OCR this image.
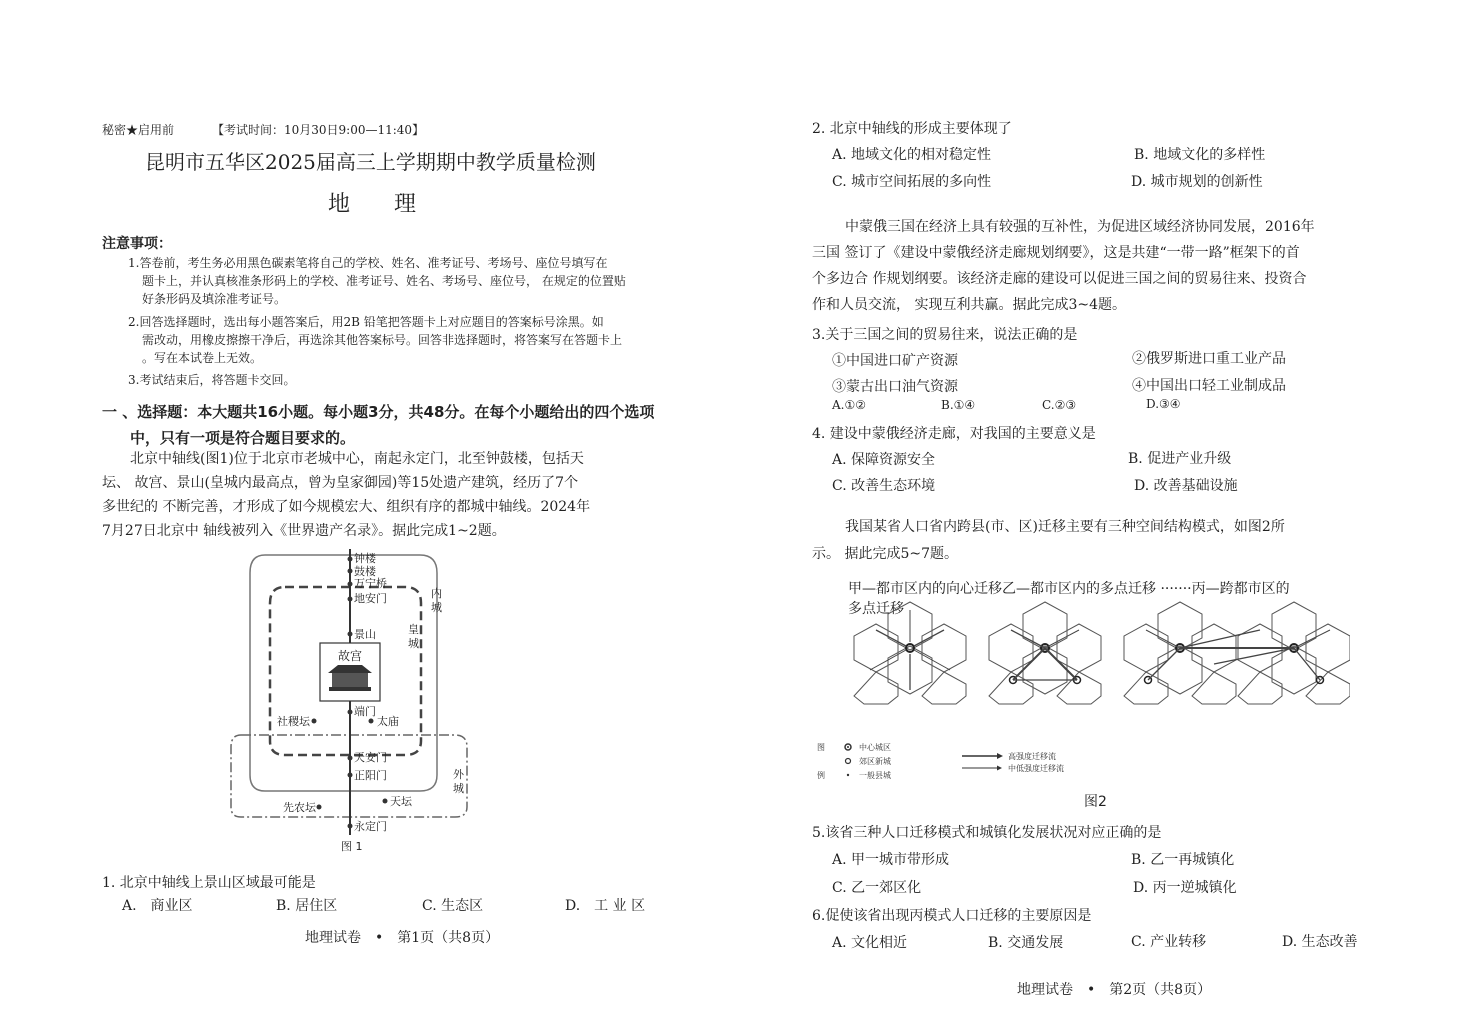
秘密★启用前	【考试时间：10月30日9:00—11:40】
昆明市五华区2025届高三上学期期中教学质量检测
地　　理
注意事项：
1.答卷前，考生务必用黑色碳素笔将自己的学校、姓名、准考证号、考场号、座位号填写在
题卡上，并认真核准条形码上的学校、准考证号、姓名、考场号、座位号， 在规定的位置贴
好条形码及填涂准考证号。
2.回答选择题时，选出每小题答案后，用2B 铅笔把答题卡上对应题目的答案标号涂黑。如
需改动，用橡皮擦擦干净后，再选涂其他答案标号。回答非选择题时，将答案写在答题卡上
。写在本试卷上无效。
3.考试结束后，将答题卡交回。
一 、选择题：本大题共16小题。每小题3分，共48分。在每个小题给出的四个选项
中，只有一项是符合题目要求的。
北京中轴线(图1)位于北京市老城中心，南起永定门，北至钟鼓楼，包括天
坛、 故宫、景山(皇城内最高点，曾为皇家御园)等15处遗产建筑，经历了7个
多世纪的 不断完善，才形成了如今规模宏大、组织有序的都城中轴线。2024年
7月27日北京中 轴线被列入《世界遗产名录》。据此完成1~2题。
钟楼
鼓楼
万宁桥
地安门
景山
故宫
端门
社稷坛	太庙
天安门
正阳门
先农坛	天坛
永定门
内
城
皇
城
外
城
图 1
1. 北京中轴线上景山区域最可能是
A.　商业区	B. 居住区	C. 生态区	D.　工 业 区
地理试卷　•　第1页（共8页）
2. 北京中轴线的形成主要体现了
A. 地域文化的相对稳定性	B. 地域文化的多样性
C. 城市空间拓展的多向性	D. 城市规划的创新性
中蒙俄三国在经济上具有较强的互补性，为促进区域经济协同发展，2016年
三国 签订了《建设中蒙俄经济走廊规划纲要》，这是共建“一带一路”框架下的首
个多边合 作规划纲要。该经济走廊的建设可以促进三国之间的贸易往来、投资合
作和人员交流， 实现互利共赢。据此完成3~4题。
3.关于三国之间的贸易往来，说法正确的是
①中国进口矿产资源	②俄罗斯进口重工业产品
③蒙古出口油气资源	④中国出口轻工业制成品
A.①②	B.①④	C.②③	D.③④
4. 建设中蒙俄经济走廊，对我国的主要意义是
A. 保障资源安全	B. 促进产业升级
C. 改善生态环境	D. 改善基础设施
我国某省人口省内跨县(市、区)迁移主要有三种空间结构模式，如图2所
示。 据此完成5~7题。
甲—都市区内的向心迁移乙—都市区内的多点迁移 ·······丙—跨都市区的
多点迁移
图
例
中心城区
郊区新城
一般县城
高强度迁移流
中低强度迁移流
图2
5.该省三种人口迁移模式和城镇化发展状况对应正确的是
A. 甲一城市带形成	B. 乙一再城镇化
C. 乙一郊区化	D. 丙一逆城镇化
6.促使该省出现丙模式人口迁移的主要原因是
A. 文化相近	B. 交通发展	C. 产业转移	D. 生态改善
地理试卷　•　第2页（共8页）
